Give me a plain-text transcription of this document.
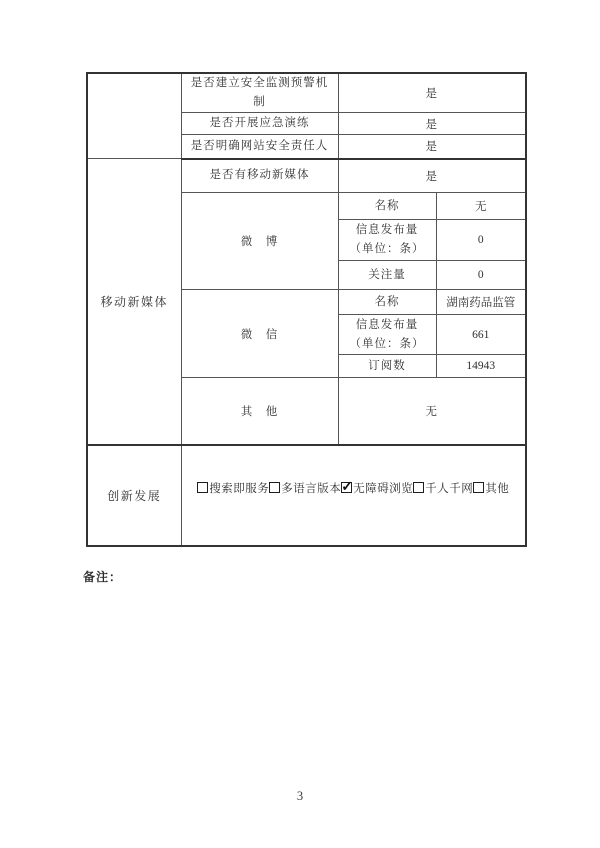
	是否建立安全监测预警机制	是	
	是否开展应急演练	是	
	是否明确网站安全责任人	是	
移动新媒体	是否有移动新媒体	是	
	微　博	名称	无

		信息发布量
（单位：条）	0
		关注量	0
	微　信	名称	湖南药品监管

		信息发布量
（单位：条）	661
		订阅数	14943
	其　他	无	
创新发展	搜索即服务 多语言版本 ✓ 无障碍浏览 千人千网 其他
备注：
3
